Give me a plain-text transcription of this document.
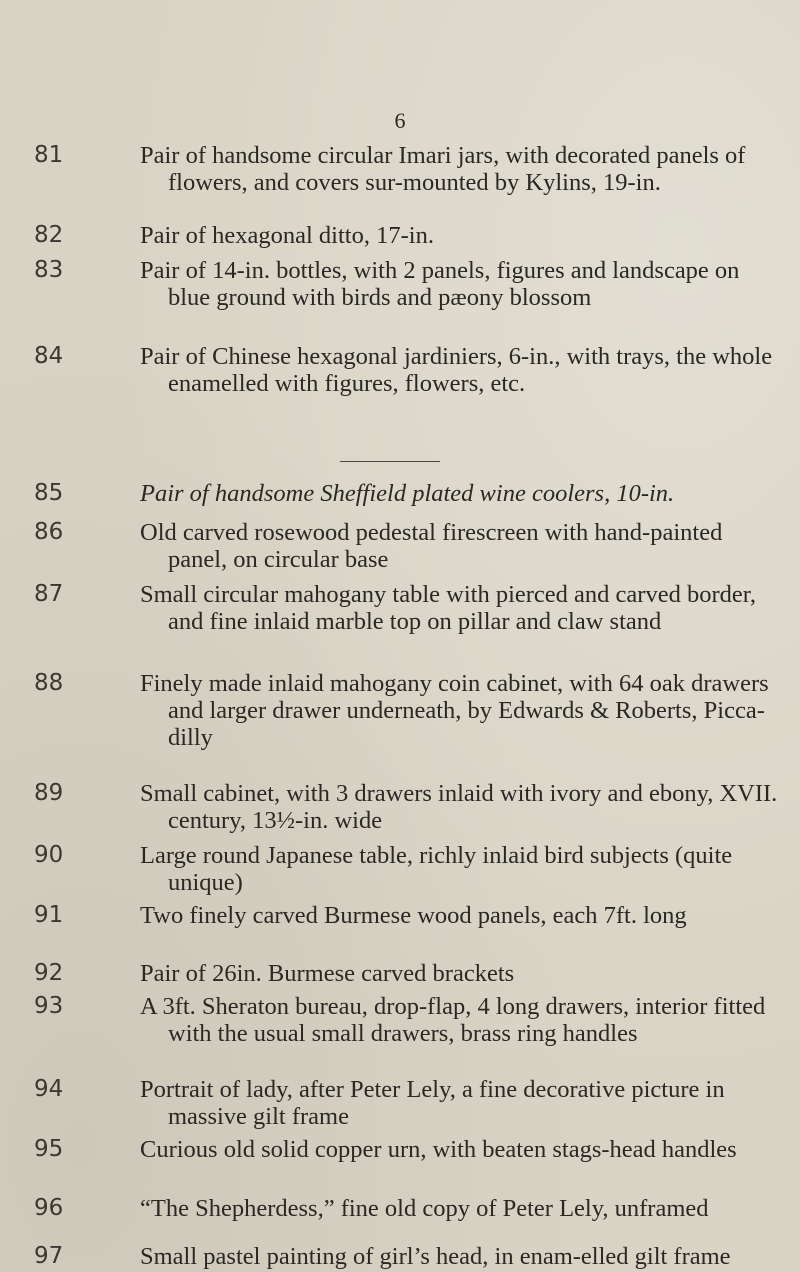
6
81	Pair of handsome circular Imari jars, with decorated panels of flowers, and covers sur-mounted by Kylins, 19-in.

82	Pair of hexagonal ditto, 17-in.

83	Pair of 14-in. bottles, with 2 panels, figures and landscape on blue ground with birds and pæony blossom

84	Pair of Chinese hexagonal jardiniers, 6-in., with trays, the whole enamelled with figures, flowers, etc.

85	Pair of handsome Sheffield plated wine coolers, 10-in.

86	Old carved rosewood pedestal firescreen with hand-painted panel, on circular base

87	Small circular mahogany table with pierced and carved border, and fine inlaid marble top on pillar and claw stand

88	Finely made inlaid mahogany coin cabinet, with 64 oak drawers and larger drawer underneath, by Edwards & Roberts, Picca-dilly

89	Small cabinet, with 3 drawers inlaid with ivory and ebony, XVII. century, 13½-in. wide

90	Large round Japanese table, richly inlaid bird subjects (quite unique)

91	Two finely carved Burmese wood panels, each 7ft. long

92	Pair of 26in. Burmese carved brackets

93	A 3ft. Sheraton bureau, drop-flap, 4 long drawers, interior fitted with the usual small drawers, brass ring handles

94	Portrait of lady, after Peter Lely, a fine decorative picture in massive gilt frame

95	Curious old solid copper urn, with beaten stags-head handles

96	“The Shepherdess,” fine old copy of Peter Lely, unframed

97	Small pastel painting of girl’s head, in enam-elled gilt frame
